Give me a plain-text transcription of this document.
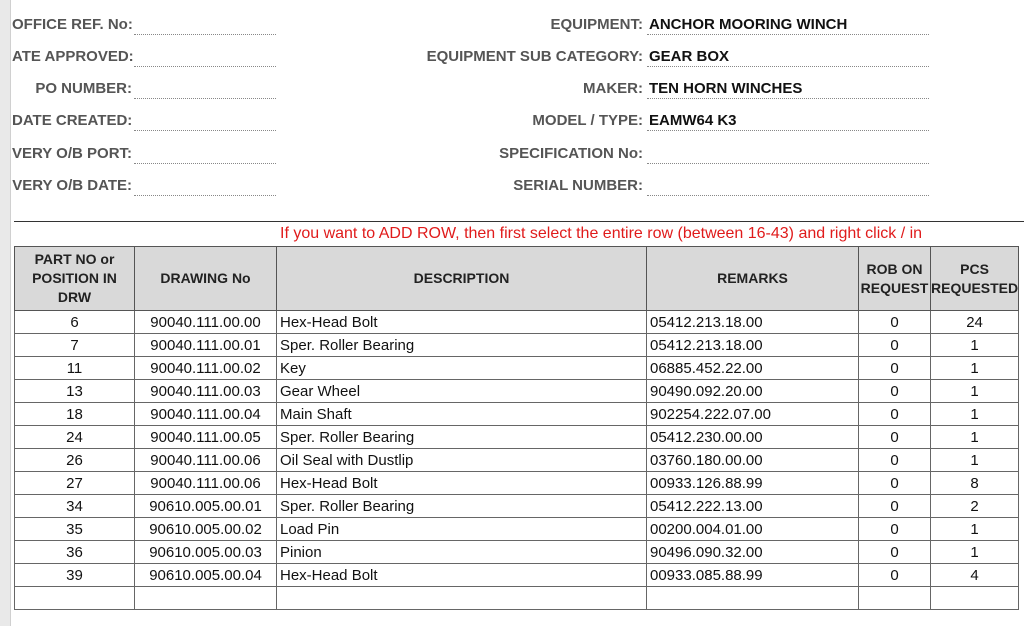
OFFICE REF. No:
ATE APPROVED:
PO NUMBER:
DATE CREATED:
VERY O/B PORT:
VERY O/B DATE:
EQUIPMENT: ANCHOR MOORING WINCH
EQUIPMENT SUB CATEGORY: GEAR BOX
MAKER: TEN HORN WINCHES
MODEL / TYPE: EAMW64 K3
SPECIFICATION No:
SERIAL NUMBER:
If you want to ADD ROW, then first select the entire row (between 16-43) and right click / in
PART NO or POSITION IN DRW	DRAWING No	DESCRIPTION	REMARKS	ROB ON REQUEST	PCS REQUESTED
6	90040.111.00.00	Hex-Head Bolt	05412.213.18.00	0	24
7	90040.111.00.01	Sper. Roller Bearing	05412.213.18.00	0	1
11	90040.111.00.02	Key	06885.452.22.00	0	1
13	90040.111.00.03	Gear Wheel	90490.092.20.00	0	1
18	90040.111.00.04	Main Shaft	902254.222.07.00	0	1
24	90040.111.00.05	Sper. Roller Bearing	05412.230.00.00	0	1
26	90040.111.00.06	Oil Seal with Dustlip	03760.180.00.00	0	1
27	90040.111.00.06	Hex-Head Bolt	00933.126.88.99	0	8
34	90610.005.00.01	Sper. Roller Bearing	05412.222.13.00	0	2
35	90610.005.00.02	Load Pin	00200.004.01.00	0	1
36	90610.005.00.03	Pinion	90496.090.32.00	0	1
39	90610.005.00.04	Hex-Head Bolt	00933.085.88.99	0	4
